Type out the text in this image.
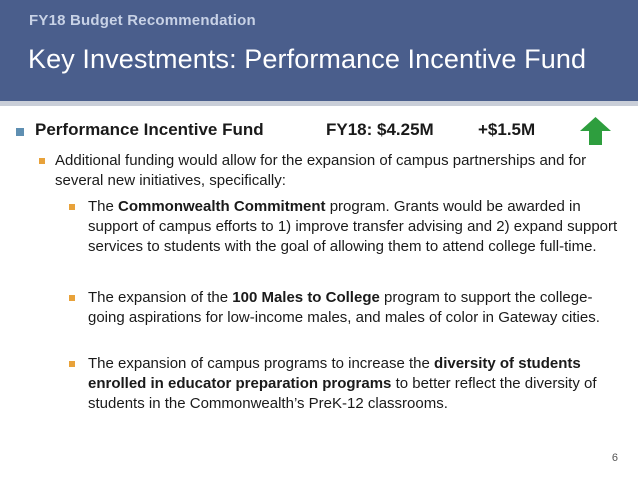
FY18 Budget Recommendation
Key Investments: Performance Incentive Fund
Performance Incentive Fund	FY18: $4.25M	+$1.5M
Additional funding would allow for the expansion of campus partnerships and for several new initiatives, specifically:
The Commonwealth Commitment program. Grants would be awarded in support of campus efforts to 1) improve transfer advising and 2) expand support services to students with the goal of allowing them to attend college full-time.
The expansion of the 100 Males to College program to support the college-going aspirations for low-income males, and males of color in Gateway cities.
The expansion of campus programs to increase the diversity of students enrolled in educator preparation programs to better reflect the diversity of students in the Commonwealth’s PreK-12 classrooms.
6
